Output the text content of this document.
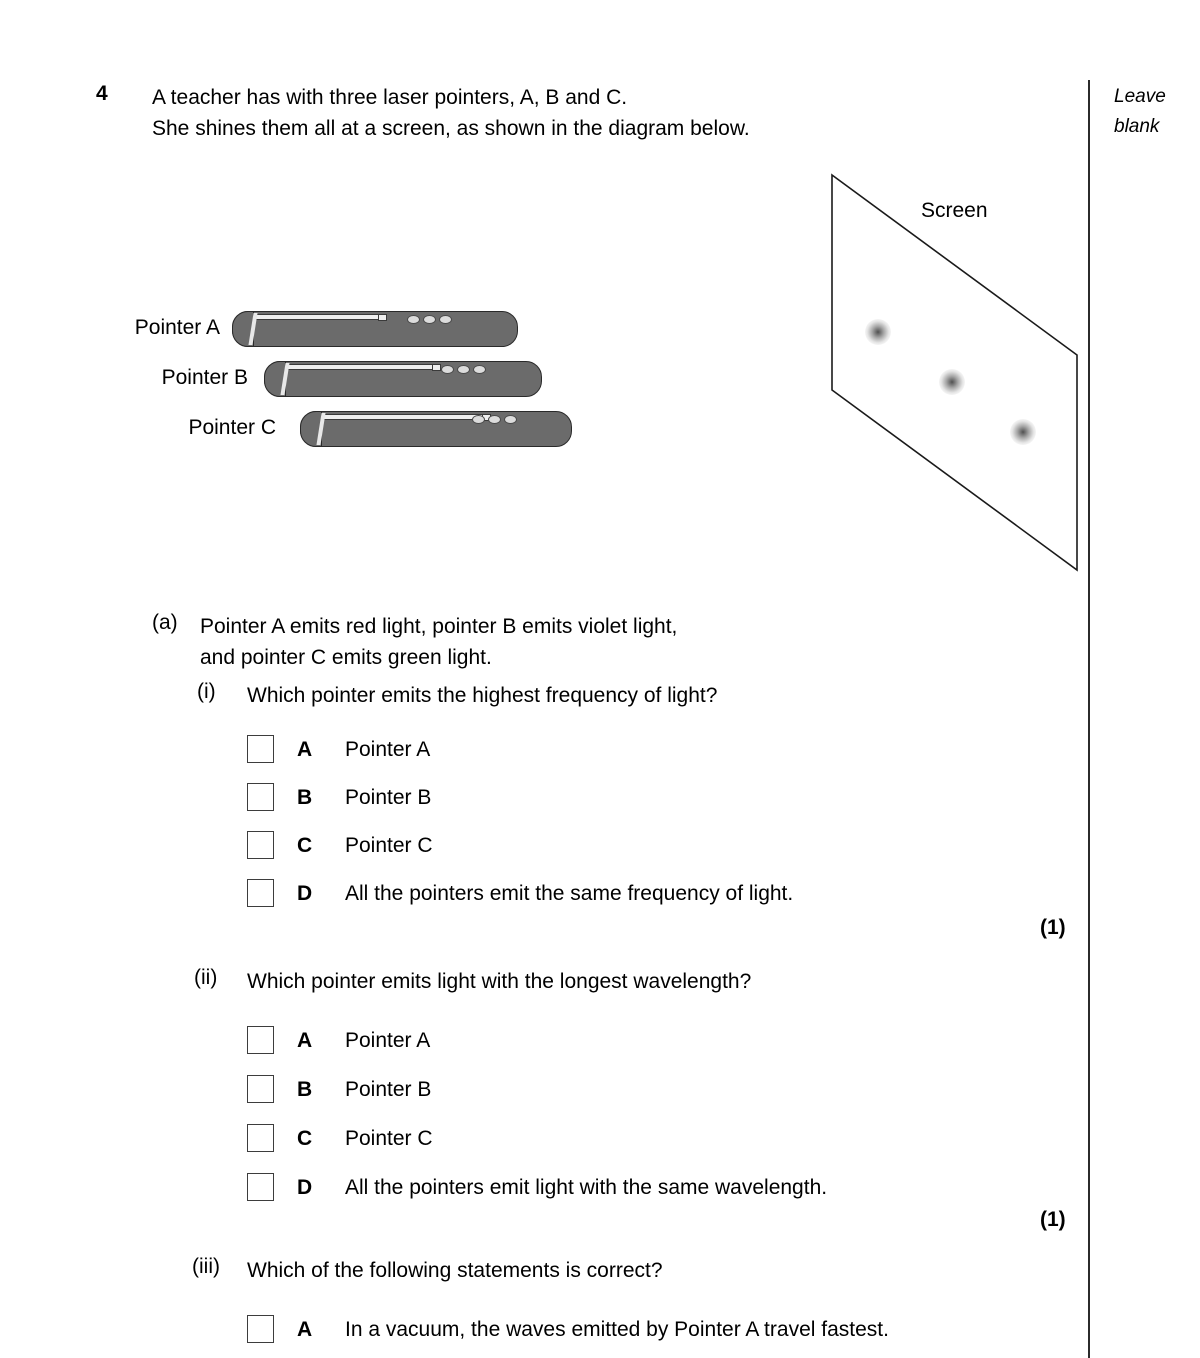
Leave
blank
4 A teacher has with three laser pointers, A, B and C.
She shines them all at a screen, as shown in the diagram below.
Pointer A
Pointer B
Pointer C
Screen
(a) Pointer A emits red light, pointer B emits violet light,
and pointer C emits green light.
(i) Which pointer emits the highest frequency of light?
A Pointer A
B Pointer B
C Pointer C
D All the pointers emit the same frequency of light.
(1)
(ii) Which pointer emits light with the longest wavelength?
A Pointer A
B Pointer B
C Pointer C
D All the pointers emit light with the same wavelength.
(1)
(iii) Which of the following statements is correct?
A In a vacuum, the waves emitted by Pointer A travel fastest.
